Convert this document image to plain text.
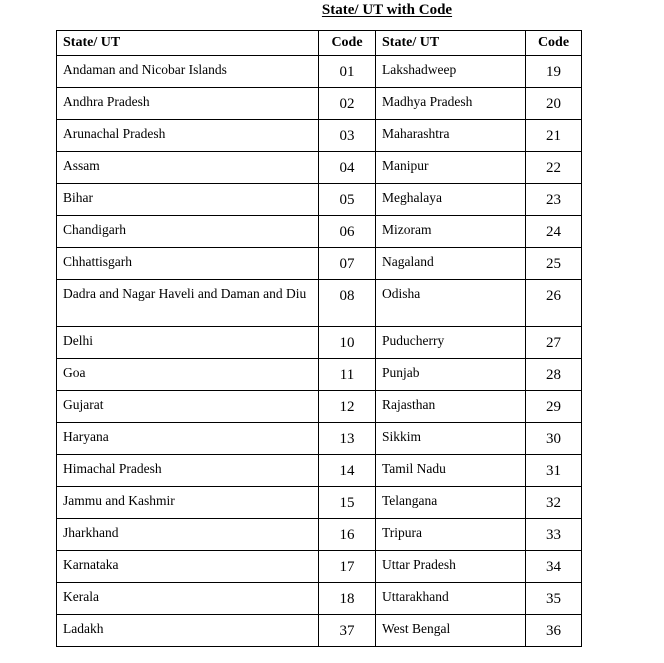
State/ UT with Code
State/ UT	Code	State/ UT	Code
Andaman and Nicobar Islands	01	Lakshadweep	19
Andhra Pradesh	02	Madhya Pradesh	20
Arunachal Pradesh	03	Maharashtra	21
Assam	04	Manipur	22
Bihar	05	Meghalaya	23
Chandigarh	06	Mizoram	24
Chhattisgarh	07	Nagaland	25
Dadra and Nagar Haveli and Daman and Diu	08	Odisha	26
Delhi	10	Puducherry	27
Goa	11	Punjab	28
Gujarat	12	Rajasthan	29
Haryana	13	Sikkim	30
Himachal Pradesh	14	Tamil Nadu	31
Jammu and Kashmir	15	Telangana	32
Jharkhand	16	Tripura	33
Karnataka	17	Uttar Pradesh	34
Kerala	18	Uttarakhand	35
Ladakh	37	West Bengal	36
